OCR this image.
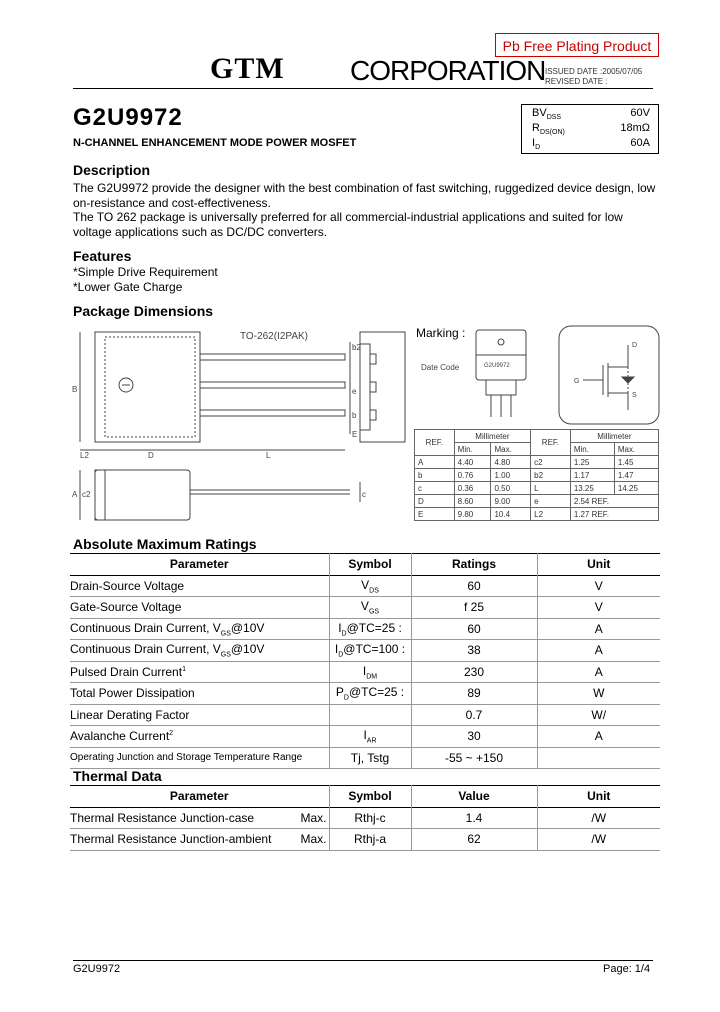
Pb Free Plating Product
GTM CORPORATION ISSUED DATE :2005/07/05
REVISED DATE :
G2U9972
N-CHANNEL ENHANCEMENT MODE POWER MOSFET
$BV_{DSS}$	60V
$R_{DS(ON)}$	18mΩ
$I_D$	60A
Description
The G2U9972 provide the designer with the best combination of fast switching, ruggedized device design, low
on-resistance and cost-effectiveness.
The TO 262 package is universally preferred for all commercial-industrial applications and suited for low
voltage applications such as DC/DC converters.
Features
*Simple Drive Requirement
*Lower Gate Charge
Package Dimensions
TO-262(I2PAK)
B
L2	D	L
b2
A c2
e
b
c
E
Marking :
Date Code	G2U9972
D
G
S
REF.	Millimeter		REF.	Millimeter	
	Min.	Max.		Min.	Max.
A	4.40	4.80	c2	1.25	1.45
b	0.76	1.00	b2	1.17	1.47
c	0.36	0.50	L	13.25	14.25
D	8.60	9.00	e	2.54 REF.	
E	9.80	10.4	L2	1.27 REF.	
Absolute Maximum Ratings
Parameter	Symbol	Ratings	Unit
Drain-Source Voltage	$V_{DS}$	60	V
Gate-Source Voltage	$V_{GS}$	f 25	V
Continuous Drain Current, $V_{GS}@10V$	$I_D@TC=25$ :	60	A
Continuous Drain Current, $V_{GS}@10V$	$I_D@TC=100$ :	38	A
Pulsed Drain Current$^1$	$I_{DM}$	230	A
Total Power Dissipation	$P_D@TC=25$ :	89	W
Linear Derating Factor		0.7	W/
Avalanche Current$^2$	$I_{AR}$	30	A
Operating Junction and Storage Temperature Range	Tj, Tstg	-55 ~ +150	
Thermal Data
Parameter		Symbol	Value	Unit
Thermal Resistance Junction-case	Max.	Rthj-c	1.4	/W
Thermal Resistance Junction-ambient	Max.	Rthj-a	62	/W
G2U9972	Page: 1/4
